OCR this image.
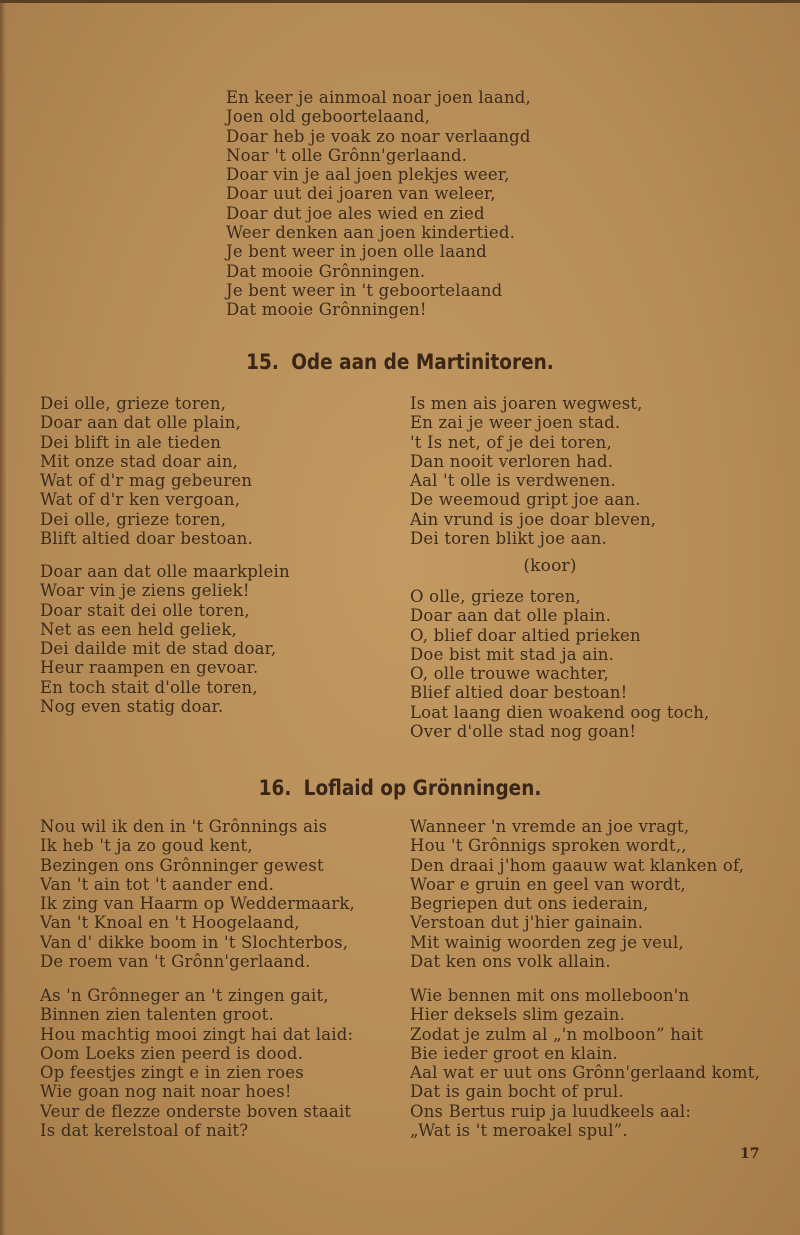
En keer je ainmoal noar joen laand,
Joen old geboortelaand,
Doar heb je voak zo noar verlaangd
Noar 't olle Grônn'gerlaand.
Doar vin je aal joen plekjes weer,
Doar uut dei joaren van weleer,
Doar dut joe ales wied en zied
Weer denken aan joen kindertied.
Je bent weer in joen olle laand
Dat mooie Grônningen.
Je bent weer in 't geboortelaand
Dat mooie Grônningen!
15. Ode aan de Martinitoren.
Dei olle, grieze toren,
Doar aan dat olle plain,
Dei blift in ale tieden
Mit onze stad doar ain,
Wat of d'r mag gebeuren
Wat of d'r ken vergoan,
Dei olle, grieze toren,
Blift altied doar bestoan.
Doar aan dat olle maarkplein
Woar vin je ziens geliek!
Doar stait dei olle toren,
Net as een held geliek,
Dei dailde mit de stad doar,
Heur raampen en gevoar.
En toch stait d'olle toren,
Nog even statig doar.
Is men ais joaren wegwest,
En zai je weer joen stad.
't Is net, of je dei toren,
Dan nooit verloren had.
Aal 't olle is verdwenen.
De weemoud gript joe aan.
Ain vrund is joe doar bleven,
Dei toren blikt joe aan.
(koor)
O olle, grieze toren,
Doar aan dat olle plain.
O, blief doar altied prieken
Doe bist mit stad ja ain.
O, olle trouwe wachter,
Blief altied doar bestoan!
Loat laang dien woakend oog toch,
Over d'olle stad nog goan!
16. Loflaid op Grönningen.
Nou wil ik den in 't Grônnings ais
Ik heb 't ja zo goud kent,
Bezingen ons Grônninger gewest
Van 't ain tot 't aander end.
Ik zing van Haarm op Weddermaark,
Van 't Knoal en 't Hoogelaand,
Van d' dikke boom in 't Slochterbos,
De roem van 't Grônn'gerlaand.
As 'n Grônneger an 't zingen gait,
Binnen zien talenten groot.
Hou machtig mooi zingt hai dat laid:
Oom Loeks zien peerd is dood.
Op feestjes zingt e in zien roes
Wie goan nog nait noar hoes!
Veur de flezze onderste boven staait
Is dat kerelstoal of nait?
Wanneer 'n vremde an joe vragt,
Hou 't Grônnigs sproken wordt,,
Den draai j'hom gaauw wat klanken of,
Woar e gruin en geel van wordt,
Begriepen dut ons iederain,
Verstoan dut j'hier gainain.
Mit wainig woorden zeg je veul,
Dat ken ons volk allain.
Wie bennen mit ons molleboon'n
Hier deksels slim gezain.
Zodat je zulm al „'n molboon” hait
Bie ieder groot en klain.
Aal wat er uut ons Grônn'gerlaand komt,
Dat is gain bocht of prul.
Ons Bertus ruip ja luudkeels aal:
„Wat is 't meroakel spul”.
17
